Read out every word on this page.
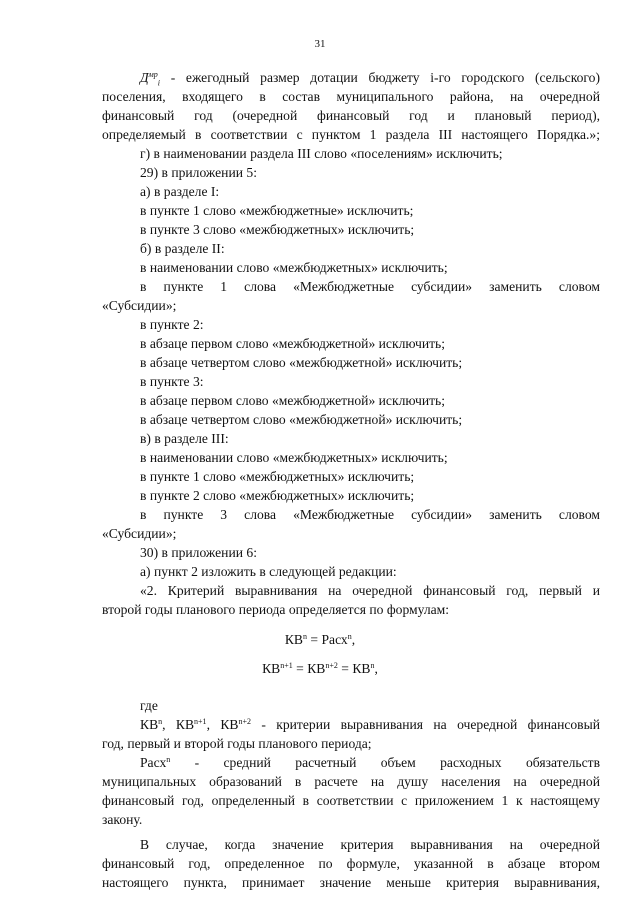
31
$Д^{мр}_i$ - ежегодный размер дотации бюджету i-го городского (сельского)
поселения, входящего в состав муниципального района, на очередной
финансовый год (очередной финансовый год и плановый период),
определяемый в соответствии с пунктом 1 раздела III настоящего Порядка.»;
г) в наименовании раздела III слово «поселениям» исключить;
29) в приложении 5:
а) в разделе I:
в пункте 1 слово «межбюджетные» исключить;
в пункте 3 слово «межбюджетных» исключить;
б) в разделе II:
в наименовании слово «межбюджетных» исключить;
в пункте 1 слова «Межбюджетные субсидии» заменить словом
«Субсидии»;
в пункте 2:
в абзаце первом слово «межбюджетной» исключить;
в абзаце четвертом слово «межбюджетной» исключить;
в пункте 3:
в абзаце первом слово «межбюджетной» исключить;
в абзаце четвертом слово «межбюджетной» исключить;
в) в разделе III:
в наименовании слово «межбюджетных» исключить;
в пункте 1 слово «межбюджетных» исключить;
в пункте 2 слово «межбюджетных» исключить;
в пункте 3 слова «Межбюджетные субсидии» заменить словом
«Субсидии»;
30) в приложении 6:
а) пункт 2 изложить в следующей редакции:
«2. Критерий выравнивания на очередной финансовый год, первый и
второй годы планового периода определяется по формулам:
$КВ^n$ = Расх$^n$,
$КВ^{n+1} = КВ^{n+2} = КВ^n$,
где
$КВ^n$, $КВ^{n+1}$, $КВ^{n+2}$ - критерии выравнивания на очередной финансовый
год, первый и второй годы планового периода;
Расх$^n$ - средний расчетный объем расходных обязательств
муниципальных образований в расчете на душу населения на очередной
финансовый год, определенный в соответствии с приложением 1 к настоящему
закону.
В случае, когда значение критерия выравнивания на очередной
финансовый год, определенное по формуле, указанной в абзаце втором
настоящего пункта, принимает значение меньше критерия выравнивания,
